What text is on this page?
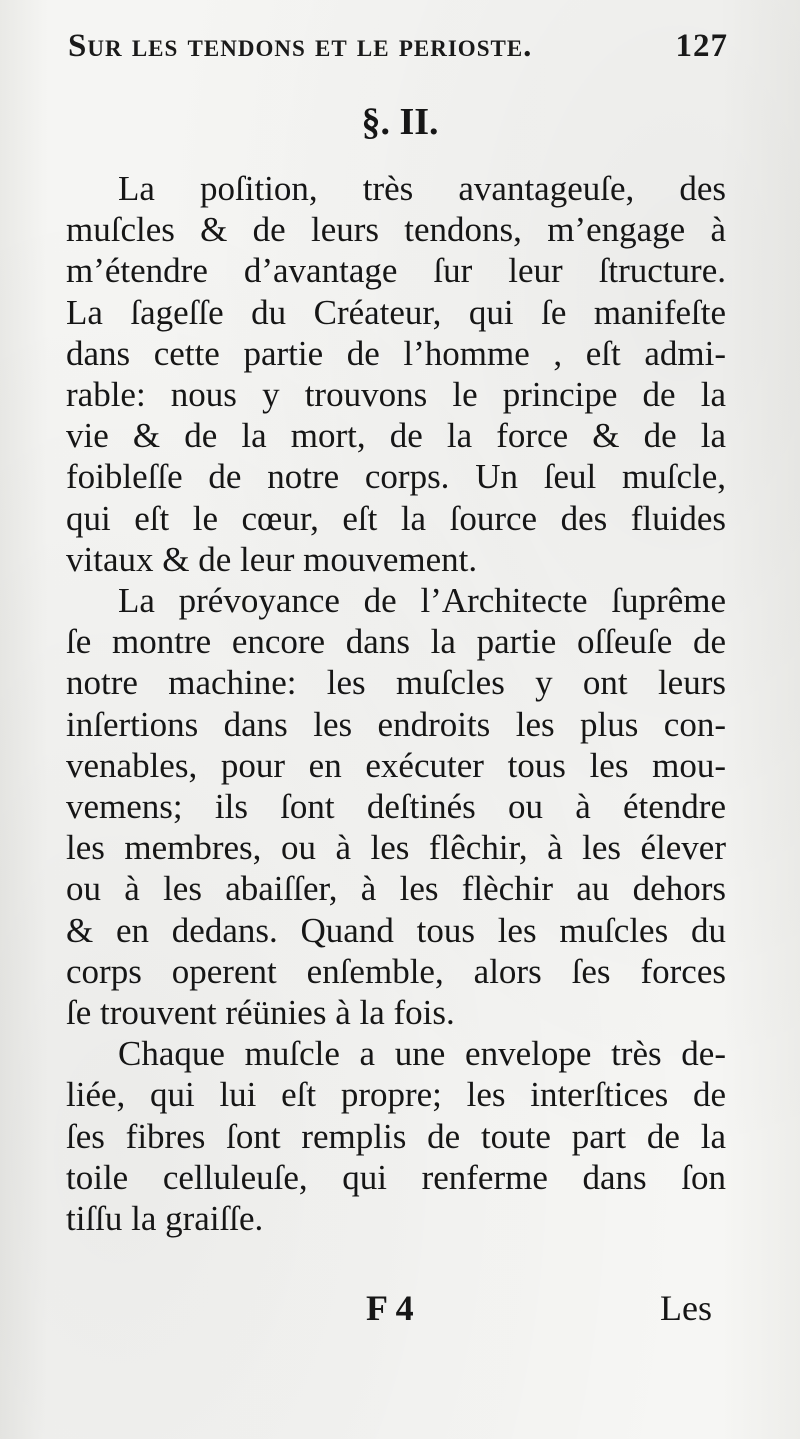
Sur les tendons et le perioste.	127
§. II.
La poſition, très avantageuſe, des
muſcles & de leurs tendons, m’engage à
m’étendre d’avantage ſur leur ſtructure.
La ſageſſe du Créateur, qui ſe manifeſte
dans cette partie de l’homme , eſt admi-
rable: nous y trouvons le principe de la
vie & de la mort, de la force & de la
foibleſſe de notre corps. Un ſeul muſcle,
qui eſt le cœur, eſt la ſource des fluides
vitaux & de leur mouvement.
La prévoyance de l’Architecte ſuprême
ſe montre encore dans la partie oſſeuſe de
notre machine: les muſcles y ont leurs
inſertions dans les endroits les plus con-
venables, pour en exécuter tous les mou-
vemens; ils ſont deſtinés ou à étendre
les membres, ou à les flêchir, à les élever
ou à les abaiſſer, à les flèchir au dehors
& en dedans. Quand tous les muſcles du
corps operent enſemble, alors ſes forces
ſe trouvent réünies à la fois.
Chaque muſcle a une envelope très de-
liée, qui lui eſt propre; les interſtices de
ſes fibres ſont remplis de toute part de la
toile celluleuſe, qui renferme dans ſon
tiſſu la graiſſe.
F 4	Les
